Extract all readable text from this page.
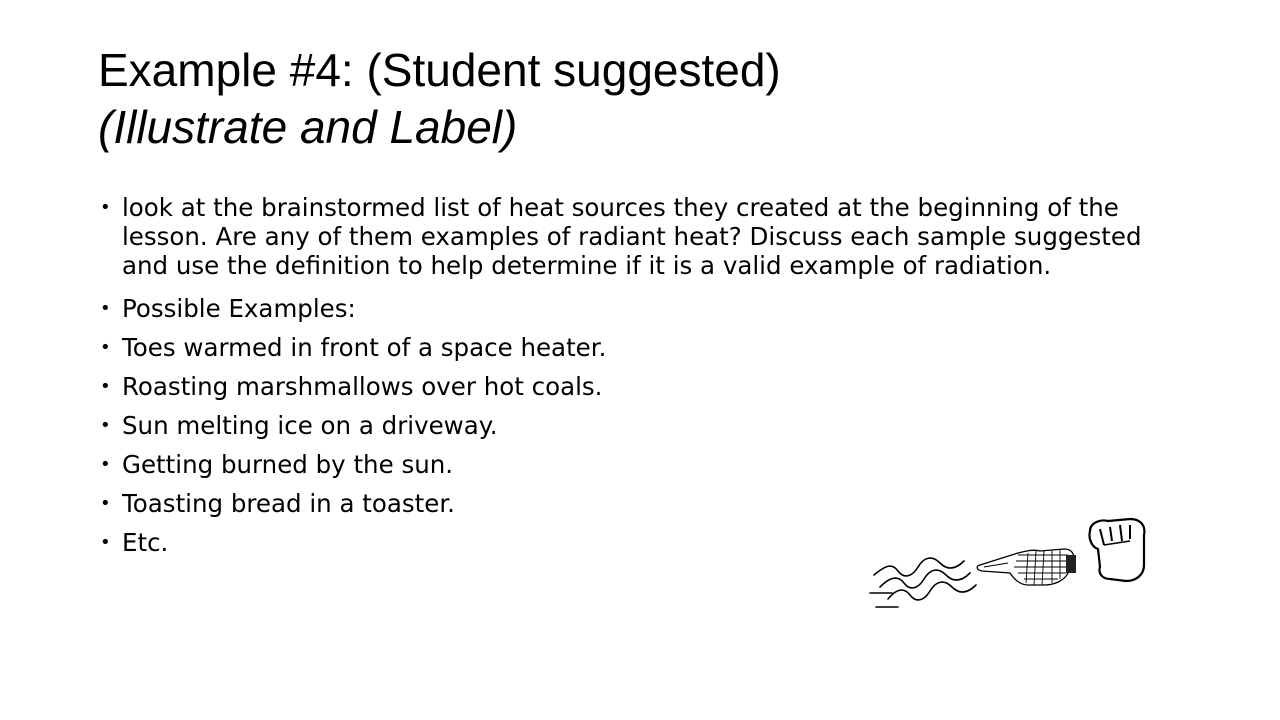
Example #4: (Student suggested)
(Illustrate and Label)
• look at the brainstormed list of heat sources they created at the beginning of the lesson. Are any of them examples of radiant heat? Discuss each sample suggested and use the definition to help determine if it is a valid example of radiation.
• Possible Examples:
• Toes warmed in front of a space heater.
• Roasting marshmallows over hot coals.
• Sun melting ice on a driveway.
• Getting burned by the sun.
• Toasting bread in a toaster.
• Etc.
